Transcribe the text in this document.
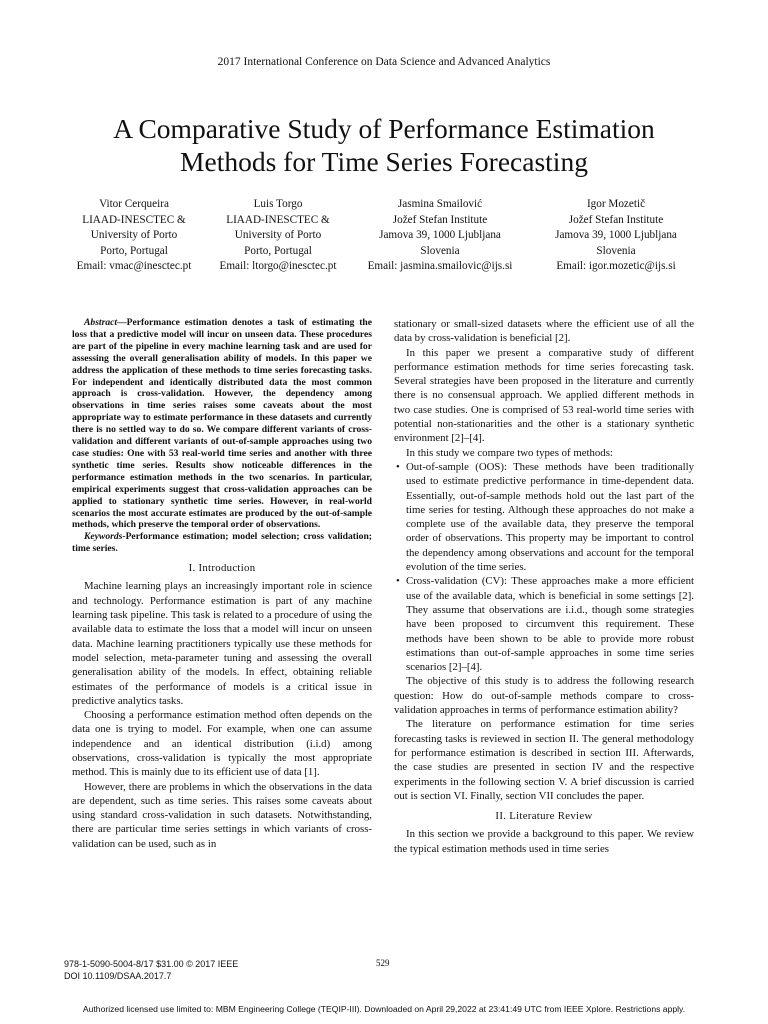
2017 International Conference on Data Science and Advanced Analytics
A Comparative Study of Performance Estimation
Methods for Time Series Forecasting
Vitor Cerqueira
LIAAD-INESCTEC &
University of Porto
Porto, Portugal
Email: vmac@inesctec.pt
Luis Torgo
LIAAD-INESCTEC &
University of Porto
Porto, Portugal
Email: ltorgo@inesctec.pt
Jasmina Smailović
Jožef Stefan Institute
Jamova 39, 1000 Ljubljana
Slovenia
Email: jasmina.smailovic@ijs.si
Igor Mozetič
Jožef Stefan Institute
Jamova 39, 1000 Ljubljana
Slovenia
Email: igor.mozetic@ijs.si

Abstract—Performance estimation denotes a task of estimating the loss that a predictive model will incur on unseen data. These procedures are part of the pipeline in every machine learning task and are used for assessing the overall generalisation ability of models. In this paper we address the application of these methods to time series forecasting tasks. For independent and identically distributed data the most common approach is cross-validation. However, the dependency among observations in time series raises some caveats about the most appropriate way to estimate performance in these datasets and currently there is no settled way to do so. We compare different variants of cross-validation and different variants of out-of-sample approaches using two case studies: One with 53 real-world time series and another with three synthetic time series. Results show noticeable differences in the performance estimation methods in the two scenarios. In particular, empirical experiments suggest that cross-validation approaches can be applied to stationary synthetic time series. However, in real-world scenarios the most accurate estimates are produced by the out-of-sample methods, which preserve the temporal order of observations.

Keywords-Performance estimation; model selection; cross validation; time series.

I. Introduction

Machine learning plays an increasingly important role in science and technology. Performance estimation is part of any machine learning task pipeline. This task is related to a procedure of using the available data to estimate the loss that a model will incur on unseen data. Machine learning practitioners typically use these methods for model selection, meta-parameter tuning and assessing the overall generalisation ability of the models. In effect, obtaining reliable estimates of the performance of models is a critical issue in predictive analytics tasks.

Choosing a performance estimation method often depends on the data one is trying to model. For example, when one can assume independence and an identical distribution (i.i.d) among observations, cross-validation is typically the most appropriate method. This is mainly due to its efficient use of data [1].

However, there are problems in which the observations in the data are dependent, such as time series. This raises some caveats about using standard cross-validation in such datasets. Notwithstanding, there are particular time series settings in which variants of cross-validation can be used, such as in

stationary or small-sized datasets where the efficient use of all the data by cross-validation is beneficial [2].

In this paper we present a comparative study of different performance estimation methods for time series forecasting task. Several strategies have been proposed in the literature and currently there is no consensual approach. We applied different methods in two case studies. One is comprised of 53 real-world time series with potential non-stationarities and the other is a stationary synthetic environment [2]–[4].

In this study we compare two types of methods:

• Out-of-sample (OOS): These methods have been traditionally used to estimate predictive performance in time-dependent data. Essentially, out-of-sample methods hold out the last part of the time series for testing. Although these approaches do not make a complete use of the available data, they preserve the temporal order of observations. This property may be important to control the dependency among observations and account for the temporal evolution of the time series.
• Cross-validation (CV): These approaches make a more efficient use of the available data, which is beneficial in some settings [2]. They assume that observations are i.i.d., though some strategies have been proposed to circumvent this requirement. These methods have been shown to be able to provide more robust estimations than out-of-sample approaches in some time series scenarios [2]–[4].

The objective of this study is to address the following research question: How do out-of-sample methods compare to cross-validation approaches in terms of performance estimation ability?

The literature on performance estimation for time series forecasting tasks is reviewed in section II. The general methodology for performance estimation is described in section III. Afterwards, the case studies are presented in section IV and the respective experiments in the following section V. A brief discussion is carried out is section VI. Finally, section VII concludes the paper.

II. Literature Review

In this section we provide a background to this paper. We review the typical estimation methods used in time series

978-1-5090-5004-8/17 $31.00 © 2017 IEEE
DOI 10.1109/DSAA.2017.7
529
Authorized licensed use limited to: MBM Engineering College (TEQIP-III). Downloaded on April 29,2022 at 23:41:49 UTC from IEEE Xplore. Restrictions apply.
